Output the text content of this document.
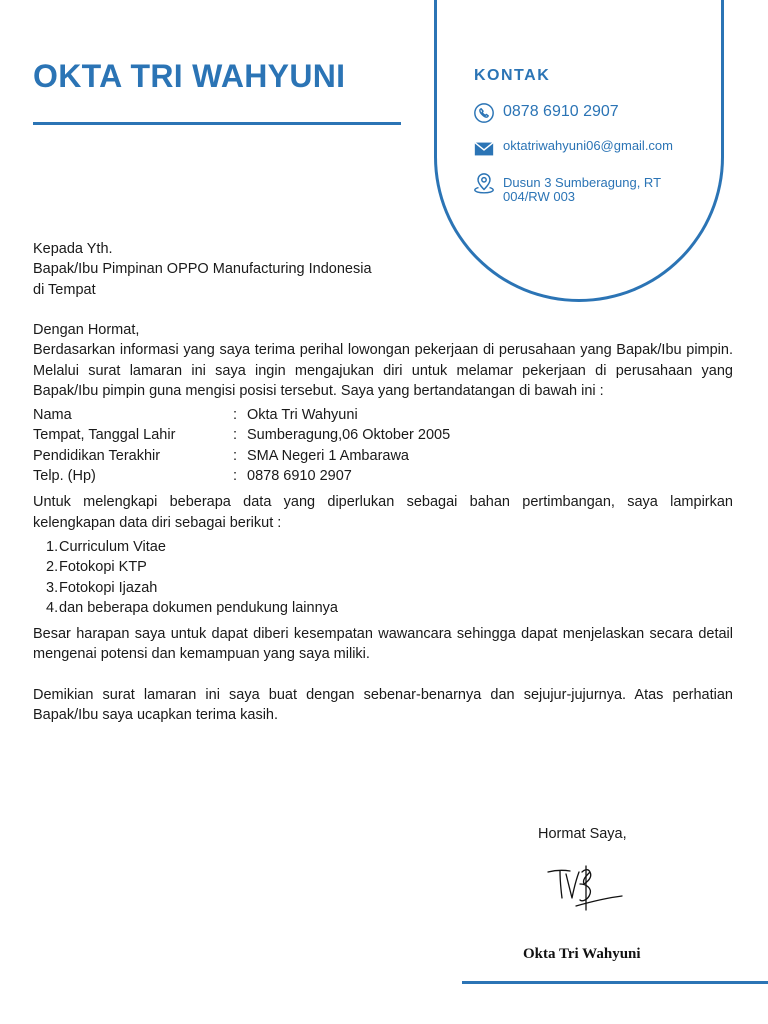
OKTA TRI WAHYUNI	KONTAK
0878 6910 2907
oktatriwahyuni06@gmail.com
Dusun 3 Sumberagung, RT 004/RW 003
Kepada Yth.
Bapak/Ibu Pimpinan OPPO Manufacturing Indonesia
di Tempat
Dengan Hormat,
Berdasarkan informasi yang saya terima perihal lowongan pekerjaan di perusahaan yang Bapak/Ibu pimpin. Melalui surat lamaran ini saya ingin mengajukan diri untuk melamar pekerjaan di perusahaan yang Bapak/Ibu pimpin guna mengisi posisi tersebut. Saya yang bertandatangan di bawah ini :
Nama	: Okta Tri Wahyuni
Tempat, Tanggal Lahir	: Sumberagung,06 Oktober 2005
Pendidikan Terakhir	: SMA Negeri 1 Ambarawa
Telp. (Hp)	: 0878 6910 2907
Untuk melengkapi beberapa data yang diperlukan sebagai bahan pertimbangan, saya lampirkan kelengkapan data diri sebagai berikut :
1. Curriculum Vitae
2. Fotokopi KTP
3. Fotokopi Ijazah
4. dan beberapa dokumen pendukung lainnya
Besar harapan saya untuk dapat diberi kesempatan wawancara sehingga dapat menjelaskan secara detail mengenai potensi dan kemampuan yang saya miliki.
Demikian surat lamaran ini saya buat dengan sebenar-benarnya dan sejujur-jujurnya. Atas perhatian Bapak/Ibu saya ucapkan terima kasih.
Hormat Saya,
Okta Tri Wahyuni
